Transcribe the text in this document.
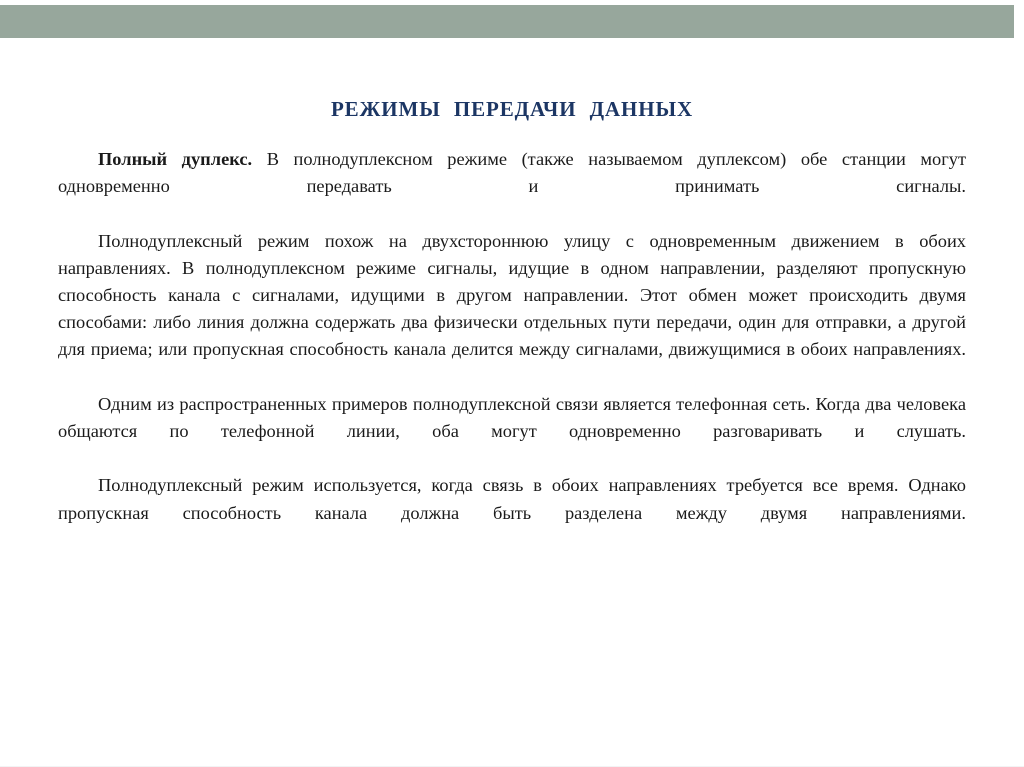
РЕЖИМЫ ПЕРЕДАЧИ ДАННЫХ

Полный дуплекс. В полнодуплексном режиме (также называемом дуплексом) обе станции могут одновременно передавать и принимать сигналы.

Полнодуплексный режим похож на двухстороннюю улицу с одновременным движением в обоих направлениях. В полнодуплексном режиме сигналы, идущие в одном направлении, разделяют пропускную способность канала с сигналами, идущими в другом направлении. Этот обмен может происходить двумя способами: либо линия должна содержать два физически отдельных пути передачи, один для отправки, а другой для приема; или пропускная способность канала делится между сигналами, движущимися в обоих направлениях.

Одним из распространенных примеров полнодуплексной связи является телефонная сеть. Когда два человека общаются по телефонной линии, оба могут одновременно разговаривать и слушать.

Полнодуплексный режим используется, когда связь в обоих направлениях требуется все время. Однако пропускная способность канала должна быть разделена между двумя направлениями.
